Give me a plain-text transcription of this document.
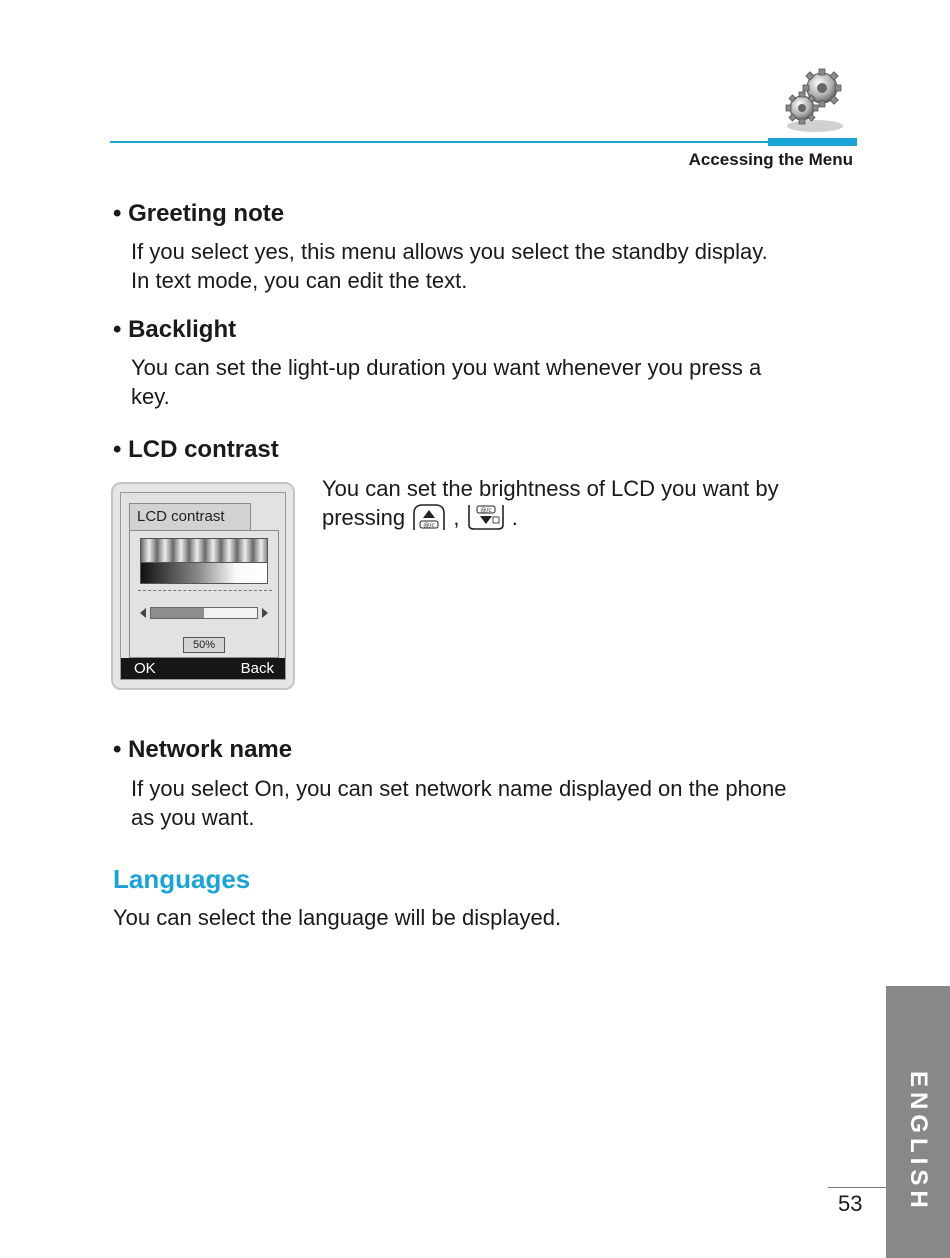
Accessing the Menu
• Greeting note
If you select yes, this menu allows you select the standby display.
In text mode, you can edit the text.
• Backlight
You can set the light-up duration you want whenever you press a
key.
• LCD contrast
LCD contrast
50%
OK	Back
You can set the brightness of LCD you want by
pressing	@/c ,	@/c .
• Network name
If you select On, you can set network name displayed on the phone
as you want.
Languages
You can select the language will be displayed.
ENGLISH
53
